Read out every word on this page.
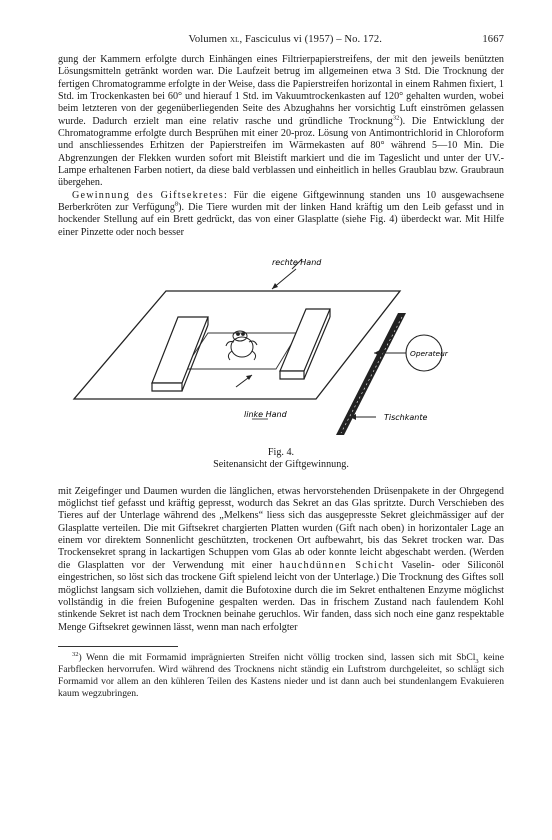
Volumen xl, Fasciculus vi (1957) – No. 172.	1667

gung der Kammern erfolgte durch Einhängen eines Filtrierpapierstreifens, der mit den jeweils benützten Lösungsmitteln getränkt worden war. Die Laufzeit betrug im allgemeinen etwa 3 Std. Die Trocknung der fertigen Chromatogramme erfolgte in der Weise, dass die Papierstreifen horizontal in einem Rahmen fixiert, 1 Std. im Trockenkasten bei 60° und hierauf 1 Std. im Vakuumtrockenkasten auf 120° gehalten wurden, wobei beim letzteren von der gegenüberliegenden Seite des Abzughahns her vorsichtig Luft einströmen gelassen wurde. Dadurch erzielt man eine relativ rasche und gründliche Trocknung$^{32}$). Die Entwicklung der Chromatogramme erfolgte durch Besprühen mit einer 20-proz. Lösung von Antimontrichlorid in Chloroform und anschliessendes Erhitzen der Papierstreifen im Wärmekasten auf 80° während 5—10 Min. Die Abgrenzungen der Flekken wurden sofort mit Bleistift markiert und die im Tageslicht und unter der UV.-Lampe erhaltenen Farben notiert, da diese bald verblassen und einheitlich in helles Graublau bzw. Graubraun übergehen.

Gewinnung des Giftsekretes: Für die eigene Giftgewinnung standen uns 10 ausgewachsene Berberkröten zur Verfügung$^8$). Die Tiere wurden mit der linken Hand kräftig um den Leib gefasst und in hockender Stellung auf ein Brett gedrückt, das von einer Glasplatte (siehe Fig. 4) überdeckt war. Mit Hilfe einer Pinzette oder noch besser

rechte Hand
linke Hand
Operateur
Tischkante
Fig. 4.
Seitenansicht der Giftgewinnung.

mit Zeigefinger und Daumen wurden die länglichen, etwas hervorstehenden Drüsenpakete in der Ohrgegend möglichst tief gefasst und kräftig gepresst, wodurch das Sekret an das Glas spritzte. Durch Verschieben des Tieres auf der Unterlage während des „Melkens“ liess sich das ausgepresste Sekret gleichmässiger auf der Glasplatte verteilen. Die mit Giftsekret chargierten Platten wurden (Gift nach oben) in horizontaler Lage an einem vor direktem Sonnenlicht geschützten, trockenen Ort aufbewahrt, bis das Sekret trocken war. Das Trockensekret sprang in lackartigen Schuppen vom Glas ab oder konnte leicht abgeschabt werden. (Werden die Glasplatten vor der Verwendung mit einer hauchdünnen Schicht Vaselin- oder Siliconöl eingestrichen, so löst sich das trockene Gift spielend leicht von der Unterlage.) Die Trocknung des Giftes soll möglichst langsam sich vollziehen, damit die Bufotoxine durch die im Sekret enthaltenen Enzyme möglichst vollständig in die freien Bufogenine gespalten werden. Das in frischem Zustand nach faulendem Kohl stinkende Sekret ist nach dem Trocknen beinahe geruchlos. Wir fanden, dass sich noch eine ganz respektable Menge Giftsekret gewinnen lässt, wenn man nach erfolgter

$^{32}$) Wenn die mit Formamid imprägnierten Streifen nicht völlig trocken sind, lassen sich mit SbCl$_3$ keine Farbflecken hervorrufen. Wird während des Trocknens nicht ständig ein Luftstrom durchgeleitet, so schlägt sich Formamid vor allem an den kühleren Teilen des Kastens nieder und ist dann auch bei stundenlangem Evakuieren kaum wegzubringen.
